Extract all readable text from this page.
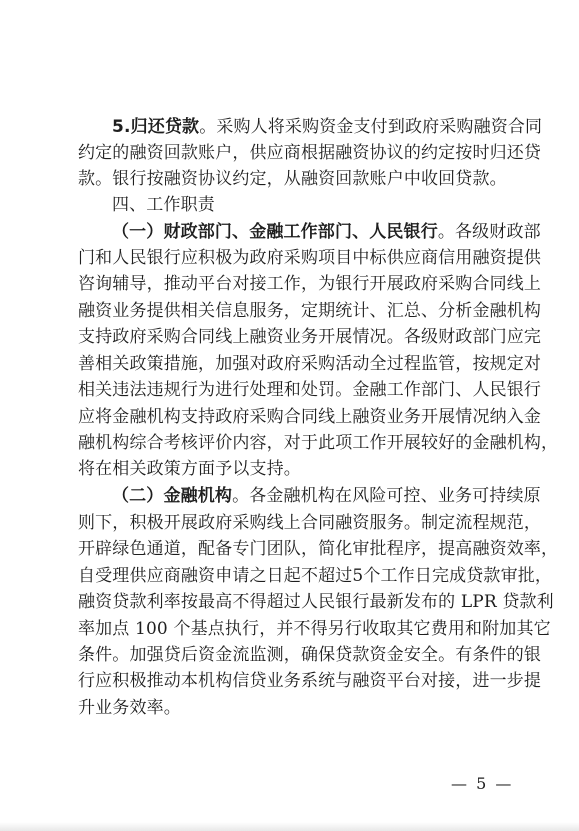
5.归还贷款。采购人将采购资金支付到政府采购融资合同
约定的融资回款账户，供应商根据融资协议的约定按时归还贷
款。银行按融资协议约定，从融资回款账户中收回贷款。
四、工作职责
（一）财政部门、金融工作部门、人民银行。各级财政部
门和人民银行应积极为政府采购项目中标供应商信用融资提供
咨询辅导，推动平台对接工作，为银行开展政府采购合同线上
融资业务提供相关信息服务，定期统计、汇总、分析金融机构
支持政府采购合同线上融资业务开展情况。各级财政部门应完
善相关政策措施，加强对政府采购活动全过程监管，按规定对
相关违法违规行为进行处理和处罚。金融工作部门、人民银行
应将金融机构支持政府采购合同线上融资业务开展情况纳入金
融机构综合考核评价内容，对于此项工作开展较好的金融机构，
将在相关政策方面予以支持。
（二）金融机构。各金融机构在风险可控、业务可持续原
则下，积极开展政府采购线上合同融资服务。制定流程规范，
开辟绿色通道，配备专门团队，简化审批程序，提高融资效率，
自受理供应商融资申请之日起不超过5个工作日完成贷款审批，
融资贷款利率按最高不得超过人民银行最新发布的 LPR 贷款利
率加点 100 个基点执行，并不得另行收取其它费用和附加其它
条件。加强贷后资金流监测，确保贷款资金安全。有条件的银
行应积极推动本机构信贷业务系统与融资平台对接，进一步提
升业务效率。
— 5 —
